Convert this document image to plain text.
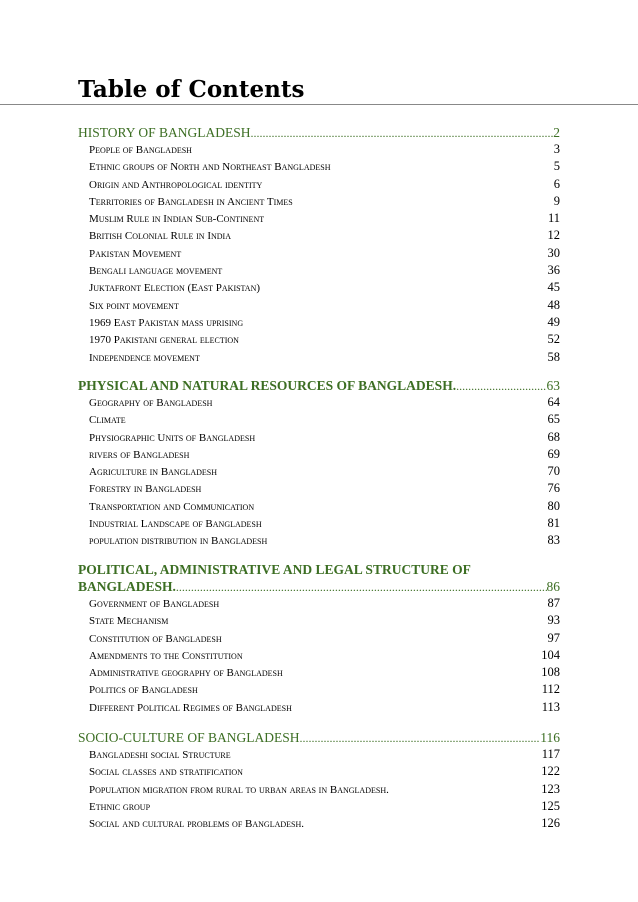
Table of Contents
HISTORY OF BANGLADESH .....	2
People of Bangladesh	3
Ethnic groups of North and Northeast Bangladesh	5
Origin and Anthropological identity	6
Territories of Bangladesh in Ancient Times	9
Muslim Rule in Indian Sub-Continent	11
British Colonial Rule in India	12
Pakistan Movement	30
Bengali language movement	36
Juktafront Election (East Pakistan)	45
Six point movement	48
1969 East Pakistan mass uprising	49
1970 Pakistani general election	52
Independence movement	58
PHYSICAL AND NATURAL RESOURCES OF BANGLADESH. .....	63
Geography of Bangladesh	64
Climate	65
Physiographic Units of Bangladesh	68
rivers of Bangladesh	69
Agriculture in Bangladesh	70
Forestry in Bangladesh	76
Transportation and Communication	80
Industrial Landscape of Bangladesh	81
population distribution in Bangladesh	83
POLITICAL, ADMINISTRATIVE AND LEGAL STRUCTURE OF
BANGLADESH. .....	86
Government of Bangladesh	87
State Mechanism	93
Constitution of Bangladesh	97
Amendments to the Constitution	104
Administrative geography of Bangladesh	108
Politics of Bangladesh	112
Different Political Regimes of Bangladesh	113
SOCIO-CULTURE OF BANGLADESH .....	116
Bangladeshi social Structure	117
Social classes and stratification	122
Population migration from rural to urban areas in Bangladesh.	123
Ethnic group	125
Social and cultural problems of Bangladesh.	126
